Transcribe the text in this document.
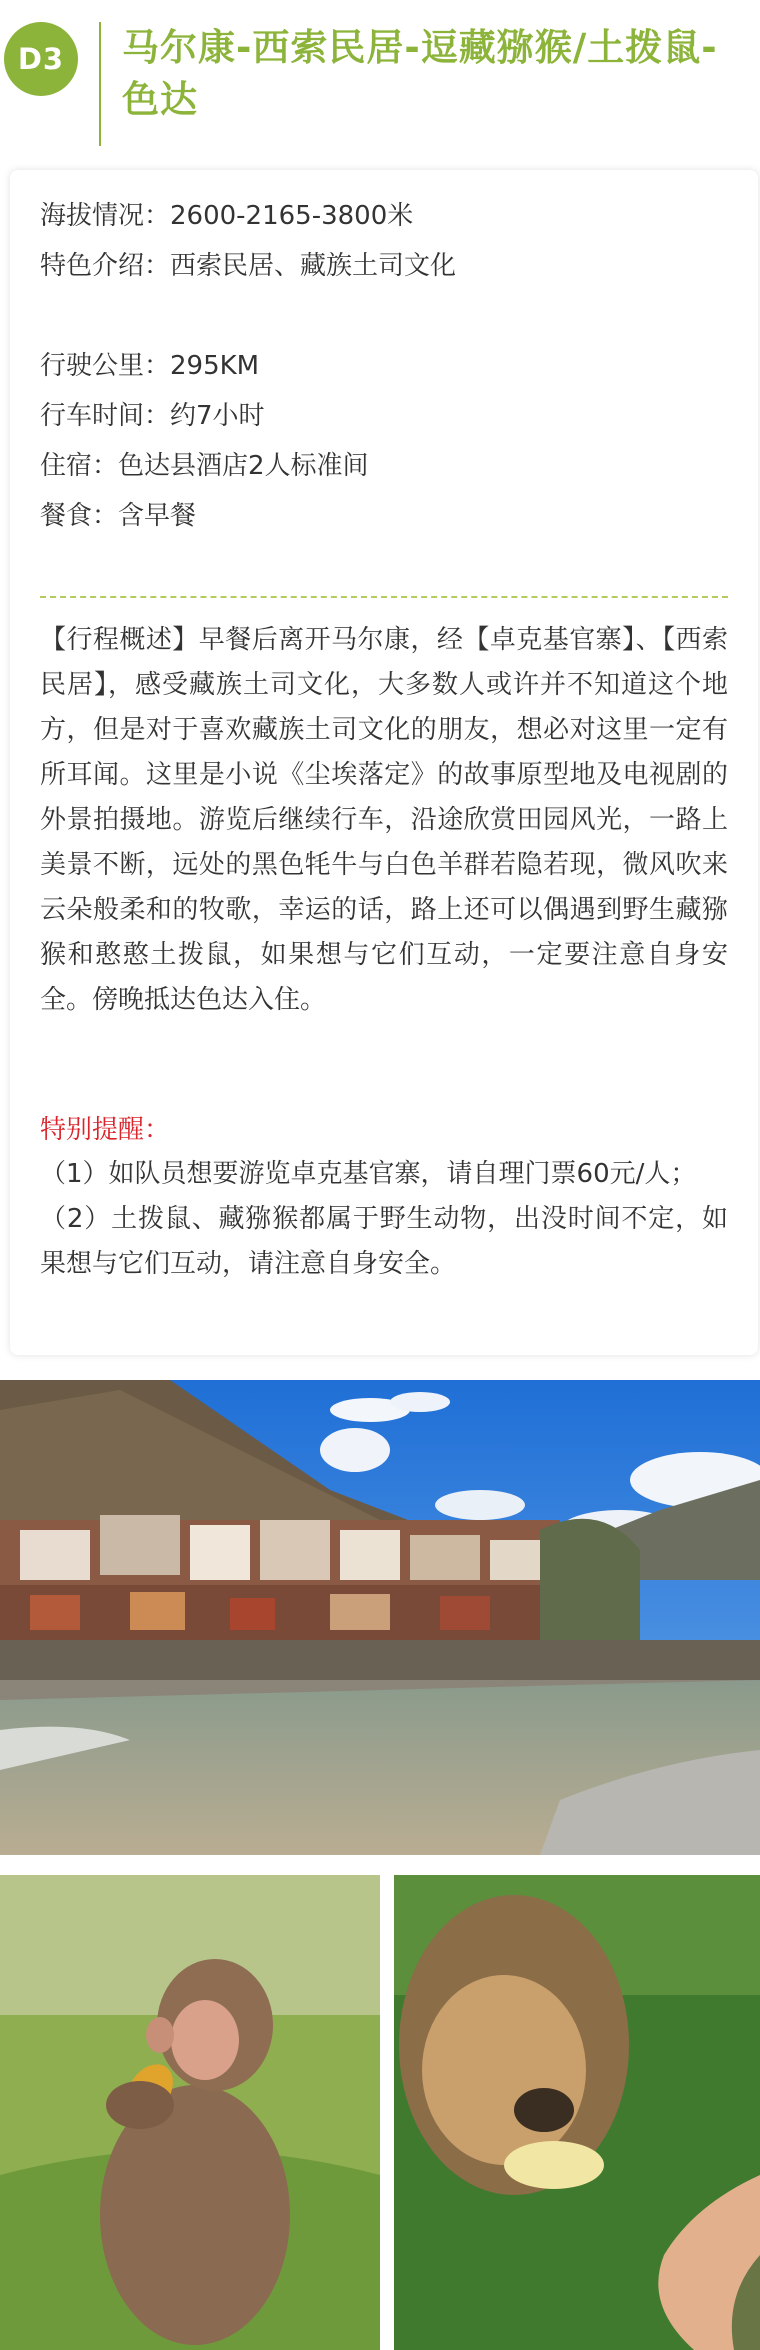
D3	马尔康-西索民居-逗藏猕猴/土拨鼠-色达
海拔情况：2600-2165-3800米
特色介绍：西索民居、藏族土司文化
行驶公里：295KM
行车时间：约7小时
住宿：色达县酒店2人标准间
餐食：含早餐
【行程概述】早餐后离开马尔康，经【卓克基官寨】、【西索民居】，感受藏族土司文化，大多数人或许并不知道这个地方，但是对于喜欢藏族土司文化的朋友，想必对这里一定有所耳闻。这里是小说《尘埃落定》的故事原型地及电视剧的外景拍摄地。游览后继续行车，沿途欣赏田园风光，一路上美景不断，远处的黑色牦牛与白色羊群若隐若现，微风吹来云朵般柔和的牧歌，幸运的话，路上还可以偶遇到野生藏猕猴和憨憨土拨鼠，如果想与它们互动，一定要注意自身安全。傍晚抵达色达入住。
特别提醒：
（1）如队员想要游览卓克基官寨，请自理门票60元/人；
（2）土拨鼠、藏猕猴都属于野生动物，出没时间不定，如果想与它们互动，请注意自身安全。
